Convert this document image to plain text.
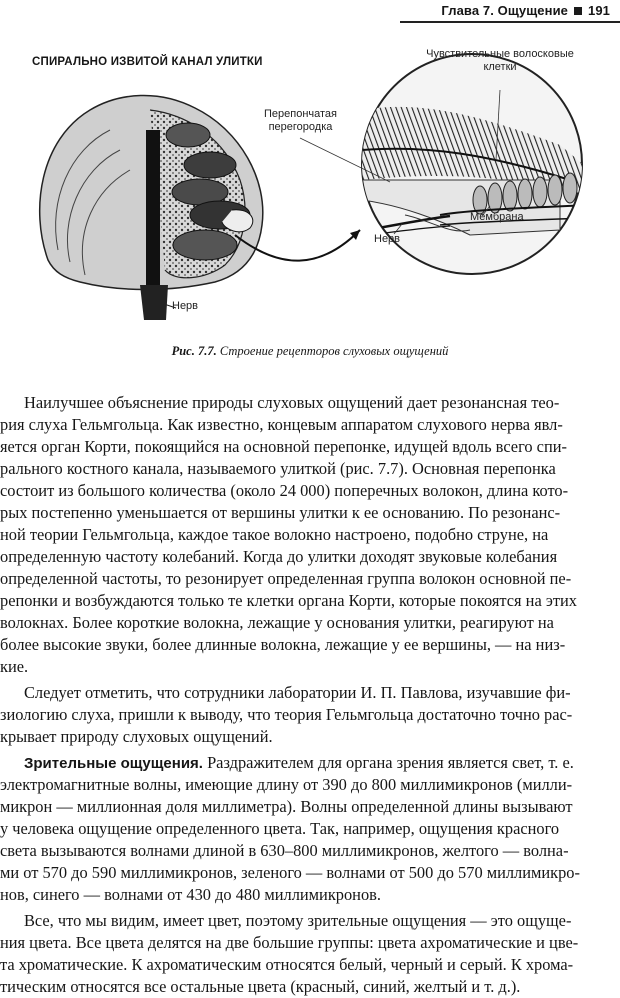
Глава 7. Ощущение 191
СПИРАЛЬНО ИЗВИТОЙ КАНАЛ УЛИТКИ
Чувствительные волосковые клетки
Перепончатая перегородка
Мембрана
Нерв
Нерв
Рис. 7.7. Строение рецепторов слуховых ощущений
Наилучшее объяснение природы слуховых ощущений дает резонансная тео-
рия слуха Гельмгольца. Как известно, концевым аппаратом слухового нерва явл-
яется орган Корти, покоящийся на основной перепонке, идущей вдоль всего спи-
рального костного канала, называемого улиткой (рис. 7.7). Основная перепонка
состоит из большого количества (около 24 000) поперечных волокон, длина кото-
рых постепенно уменьшается от вершины улитки к ее основанию. По резонанс-
ной теории Гельмгольца, каждое такое волокно настроено, подобно струне, на
определенную частоту колебаний. Когда до улитки доходят звуковые колебания
определенной частоты, то резонирует определенная группа волокон основной пе-
репонки и возбуждаются только те клетки органа Корти, которые покоятся на этих
волокнах. Более короткие волокна, лежащие у основания улитки, реагируют на
более высокие звуки, более длинные волокна, лежащие у ее вершины, — на низ-
кие.
Следует отметить, что сотрудники лаборатории И. П. Павлова, изучавшие фи-
зиологию слуха, пришли к выводу, что теория Гельмгольца достаточно точно рас-
крывает природу слуховых ощущений.
Зрительные ощущения. Раздражителем для органа зрения является свет, т. е.
электромагнитные волны, имеющие длину от 390 до 800 миллимикронов (милли-
микрон — миллионная доля миллиметра). Волны определенной длины вызывают
у человека ощущение определенного цвета. Так, например, ощущения красного
света вызываются волнами длиной в 630–800 миллимикронов, желтого — волна-
ми от 570 до 590 миллимикронов, зеленого — волнами от 500 до 570 миллимикро-
нов, синего — волнами от 430 до 480 миллимикронов.
Все, что мы видим, имеет цвет, поэтому зрительные ощущения — это ощуще-
ния цвета. Все цвета делятся на две большие группы: цвета ахроматические и цве-
та хроматические. К ахроматическим относятся белый, черный и серый. К хрома-
тическим относятся все остальные цвета (красный, синий, желтый и т. д.).
